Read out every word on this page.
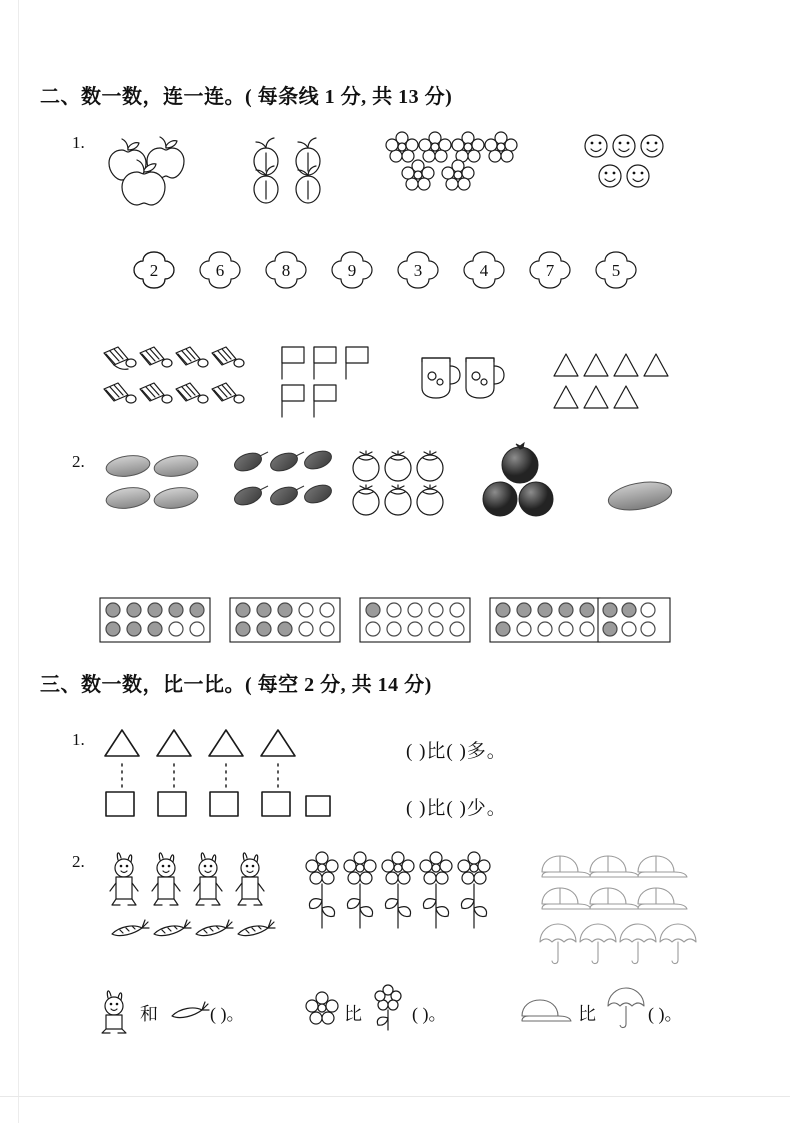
二、数一数，连一连。( 每条线 1 分, 共 13 分)
1.
2	6	8	9	3	4	7	5
2.
三、数一数，比一比。( 每空 2 分, 共 14 分)
1.
( )比( )多。
( )比( )少。
2.
和	( )。	比	( )。	比	( )。
